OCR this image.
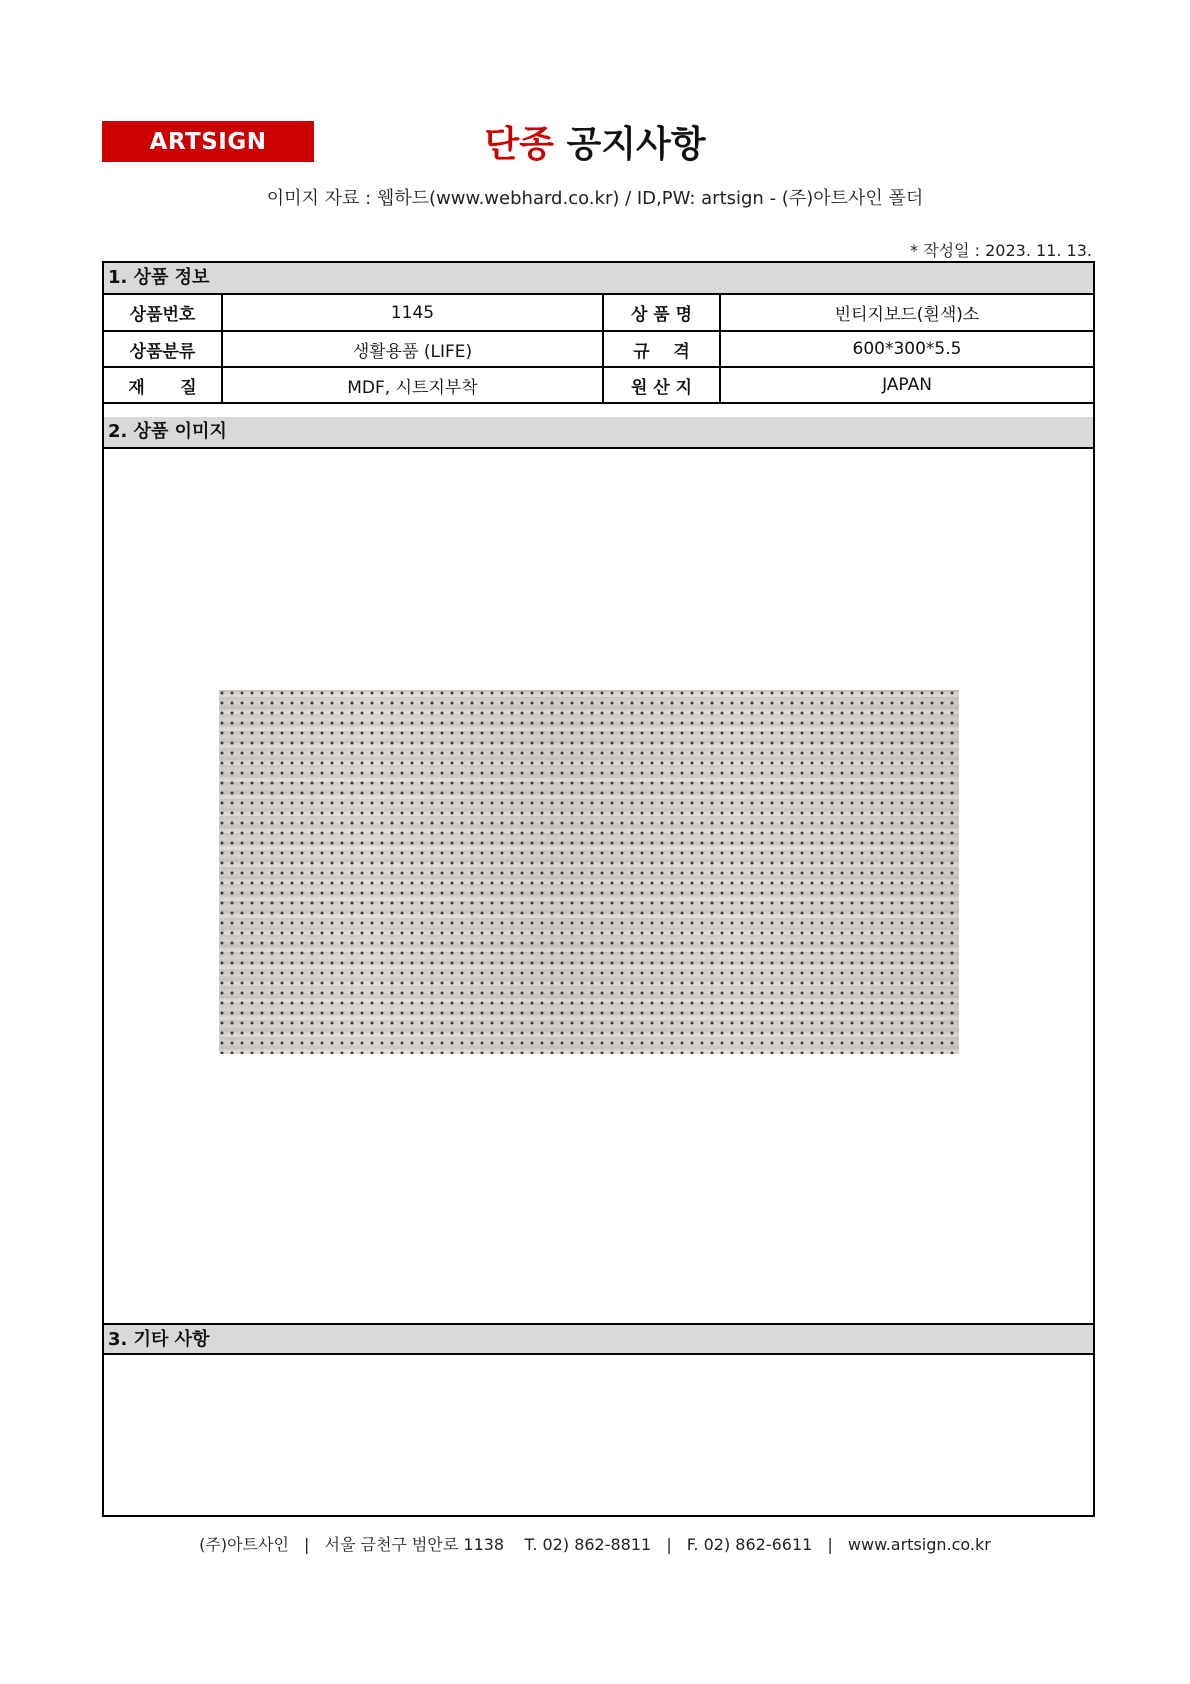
ARTSIGN	단종 공지사항
이미지 자료 : 웹하드(www.webhard.co.kr) / ID,PW: artsign - (주)아트사인 폴더
* 작성일 : 2023. 11. 13.
1. 상품 정보
상품번호	1145	상 품 명	빈티지보드(흰색)소
상품분류	생활용품 (LIFE)	규    격	600*300*5.5
재      질	MDF, 시트지부착	원 산 지	JAPAN
2. 상품 이미지
3. 기타 사항
(주)아트사인 | 서울 금천구 범안로 1138 T. 02) 862-8811 | F. 02) 862-6611 | www.artsign.co.kr
